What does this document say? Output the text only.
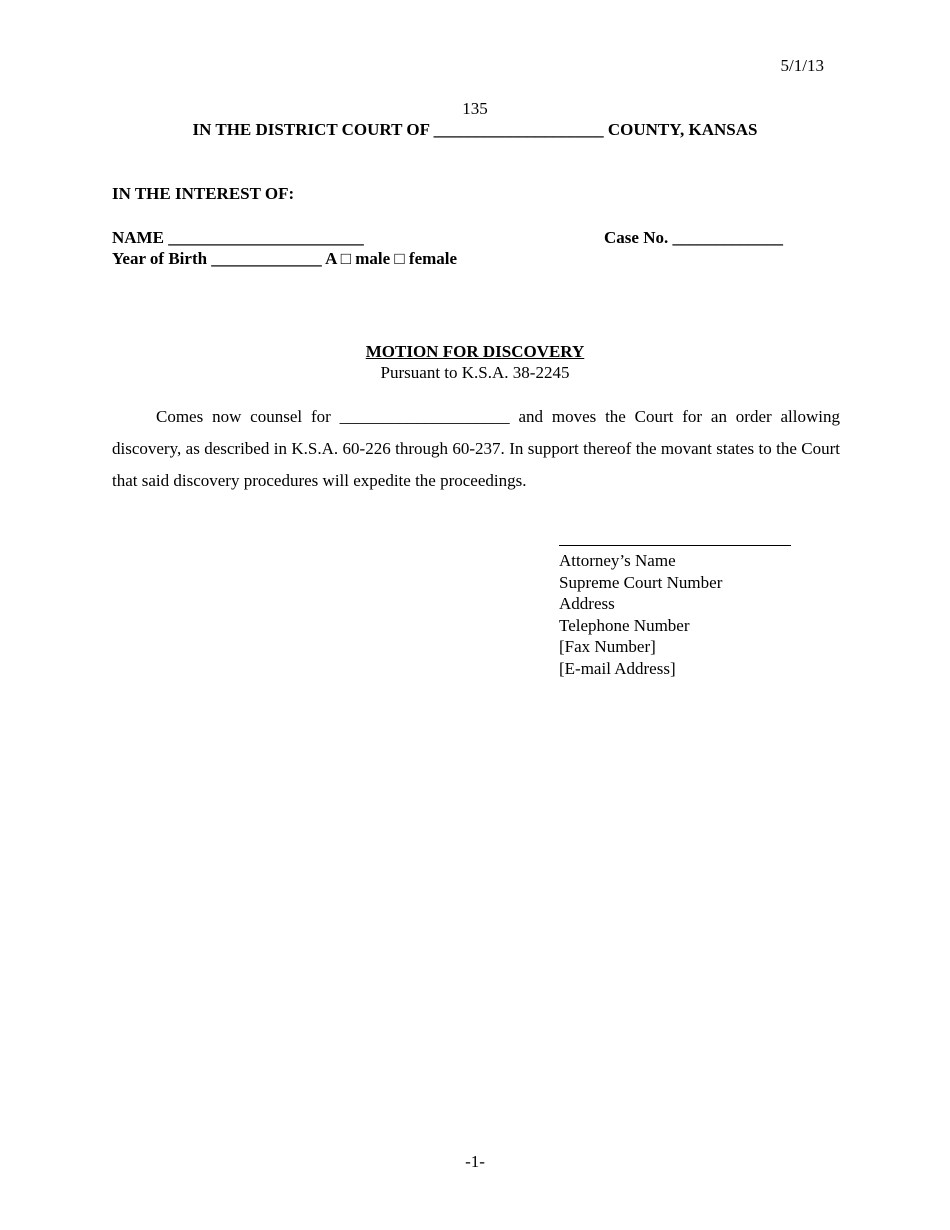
5/1/13
135
IN THE DISTRICT COURT OF ____________________ COUNTY, KANSAS
IN THE INTEREST OF:
NAME _______________________	Case No. _____________
Year of Birth _____________ A □ male □ female
MOTION FOR DISCOVERY
Pursuant to K.S.A. 38-2245

Comes now counsel for ____________________ and moves the Court for an order allowing discovery, as described in K.S.A. 60-226 through 60-237. In support thereof the movant states to the Court that said discovery procedures will expedite the proceedings.

Attorney’s Name
Supreme Court Number
Address
Telephone Number
[Fax Number]
[E-mail Address]
-1-
